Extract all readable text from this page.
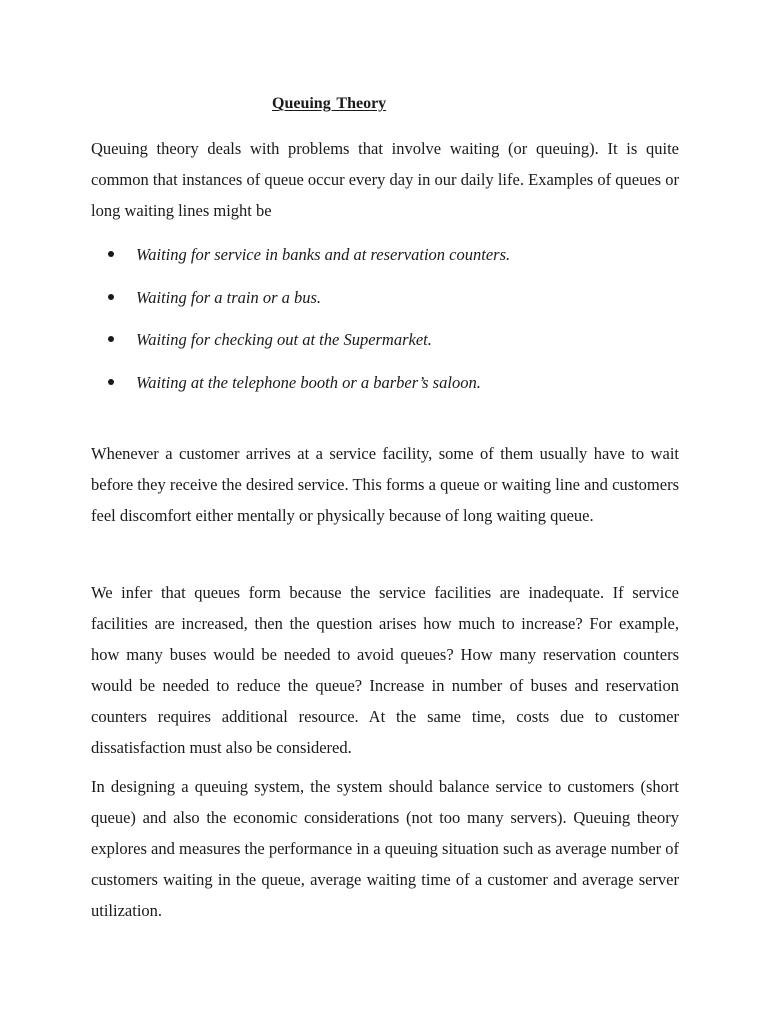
Queuing Theory

Queuing theory deals with problems that involve waiting (or queuing). It is quite common that instances of queue occur every day in our daily life. Examples of queues or long waiting lines might be

Waiting for service in banks and at reservation counters.
Waiting for a train or a bus.
Waiting for checking out at the Supermarket.
Waiting at the telephone booth or a barber’s saloon.

Whenever a customer arrives at a service facility, some of them usually have to wait before they receive the desired service. This forms a queue or waiting line and customers feel discomfort either mentally or physically because of long waiting queue.

We infer that queues form because the service facilities are inadequate. If service facilities are increased, then the question arises how much to increase? For example, how many buses would be needed to avoid queues? How many reservation counters would be needed to reduce the queue? Increase in number of buses and reservation counters requires additional resource. At the same time, costs due to customer dissatisfaction must also be considered.

In designing a queuing system, the system should balance service to customers (short queue) and also the economic considerations (not too many servers). Queuing theory explores and measures the performance in a queuing situation such as average number of customers waiting in the queue, average waiting time of a customer and average server utilization.
